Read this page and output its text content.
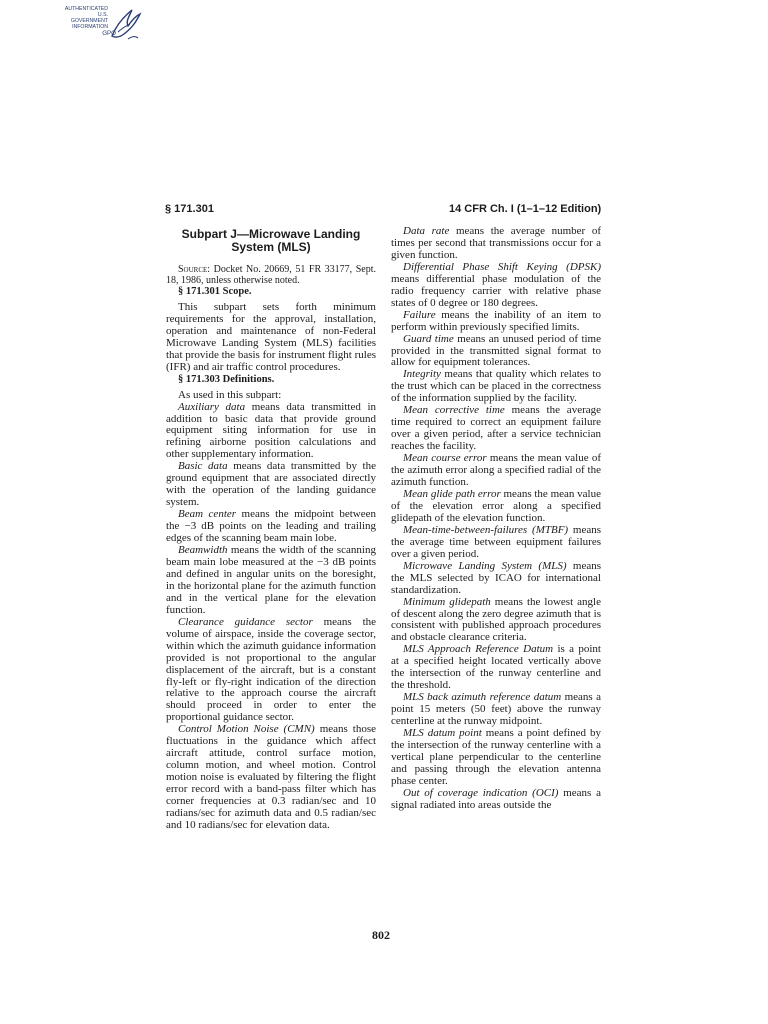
AUTHENTICATED
U.S. GOVERNMENT
INFORMATION
GPO
§ 171.301	14 CFR Ch. I (1–1–12 Edition)
Subpart J—Microwave Landing System (MLS)

Source: Docket No. 20669, 51 FR 33177, Sept. 18, 1986, unless otherwise noted.

§ 171.301 Scope.

This subpart sets forth minimum requirements for the approval, installation, operation and maintenance of non-Federal Microwave Landing System (MLS) facilities that provide the basis for instrument flight rules (IFR) and air traffic control procedures.

§ 171.303 Definitions.

As used in this subpart:

Auxiliary data means data transmitted in addition to basic data that provide ground equipment siting information for use in refining airborne position calculations and other supplementary information.

Basic data means data transmitted by the ground equipment that are associated directly with the operation of the landing guidance system.

Beam center means the midpoint between the −3 dB points on the leading and trailing edges of the scanning beam main lobe.

Beamwidth means the width of the scanning beam main lobe measured at the −3 dB points and defined in angular units on the boresight, in the horizontal plane for the azimuth function and in the vertical plane for the elevation function.

Clearance guidance sector means the volume of airspace, inside the coverage sector, within which the azimuth guidance information provided is not proportional to the angular displacement of the aircraft, but is a constant fly-left or fly-right indication of the direction relative to the approach course the aircraft should proceed in order to enter the proportional guidance sector.

Control Motion Noise (CMN) means those fluctuations in the guidance which affect aircraft attitude, control surface motion, column motion, and wheel motion. Control motion noise is evaluated by filtering the flight error record with a band-pass filter which has corner frequencies at 0.3 radian/sec and 10 radians/sec for azimuth data and 0.5 radian/sec and 10 radians/sec for elevation data.

Data rate means the average number of times per second that transmissions occur for a given function.

Differential Phase Shift Keying (DPSK) means differential phase modulation of the radio frequency carrier with relative phase states of 0 degree or 180 degrees.

Failure means the inability of an item to perform within previously specified limits.

Guard time means an unused period of time provided in the transmitted signal format to allow for equipment tolerances.

Integrity means that quality which relates to the trust which can be placed in the correctness of the information supplied by the facility.

Mean corrective time means the average time required to correct an equipment failure over a given period, after a service technician reaches the facility.

Mean course error means the mean value of the azimuth error along a specified radial of the azimuth function.

Mean glide path error means the mean value of the elevation error along a specified glidepath of the elevation function.

Mean-time-between-failures (MTBF) means the average time between equipment failures over a given period.

Microwave Landing System (MLS) means the MLS selected by ICAO for international standardization.

Minimum glidepath means the lowest angle of descent along the zero degree azimuth that is consistent with published approach procedures and obstacle clearance criteria.

MLS Approach Reference Datum is a point at a specified height located vertically above the intersection of the runway centerline and the threshold.

MLS back azimuth reference datum means a point 15 meters (50 feet) above the runway centerline at the runway midpoint.

MLS datum point means a point defined by the intersection of the runway centerline with a vertical plane perpendicular to the centerline and passing through the elevation antenna phase center.

Out of coverage indication (OCI) means a signal radiated into areas outside the

802
